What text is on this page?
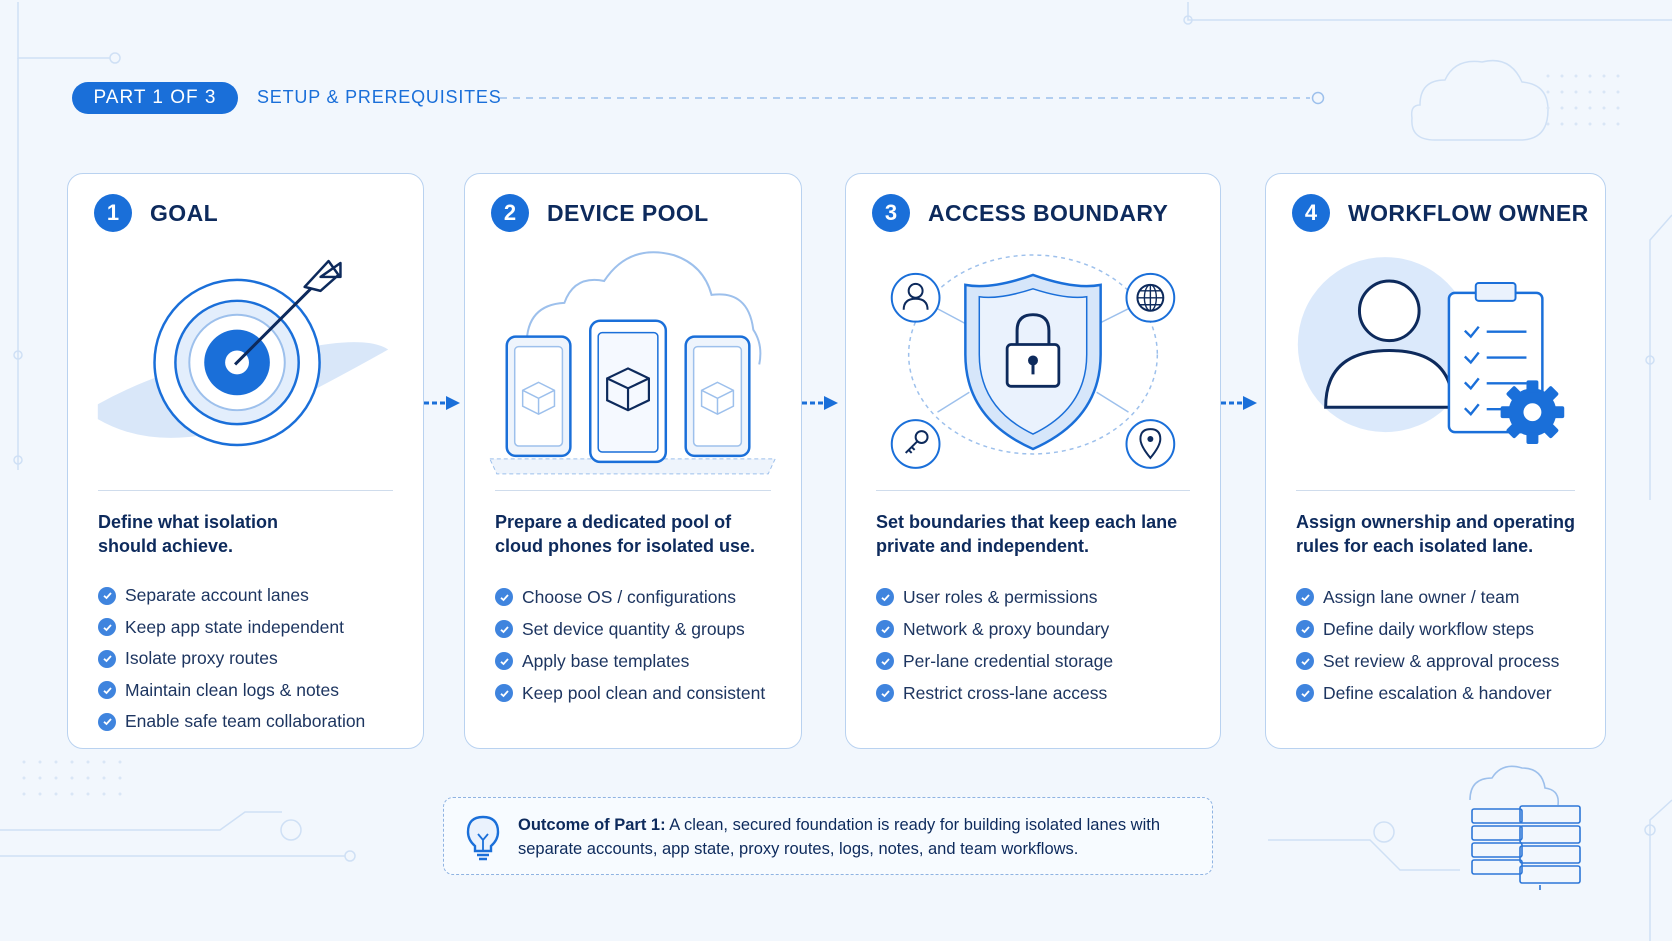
PART 1 OF 3	SETUP & PREREQUISITES
1	GOAL
Define what isolation should achieve.
Separate account lanes
Keep app state independent
Isolate proxy routes
Maintain clean logs & notes
Enable safe team collaboration
2	DEVICE POOL
Prepare a dedicated pool of cloud phones for isolated use.
Choose OS / configurations
Set device quantity & groups
Apply base templates
Keep pool clean and consistent
3	ACCESS BOUNDARY
Set boundaries that keep each lane private and independent.
User roles & permissions
Network & proxy boundary
Per-lane credential storage
Restrict cross-lane access
4	WORKFLOW OWNER
Assign ownership and operating rules for each isolated lane.
Assign lane owner / team
Define daily workflow steps
Set review & approval process
Define escalation & handover
Outcome of Part 1: A clean, secured foundation is ready for building isolated lanes with separate accounts, app state, proxy routes, logs, notes, and team workflows.
